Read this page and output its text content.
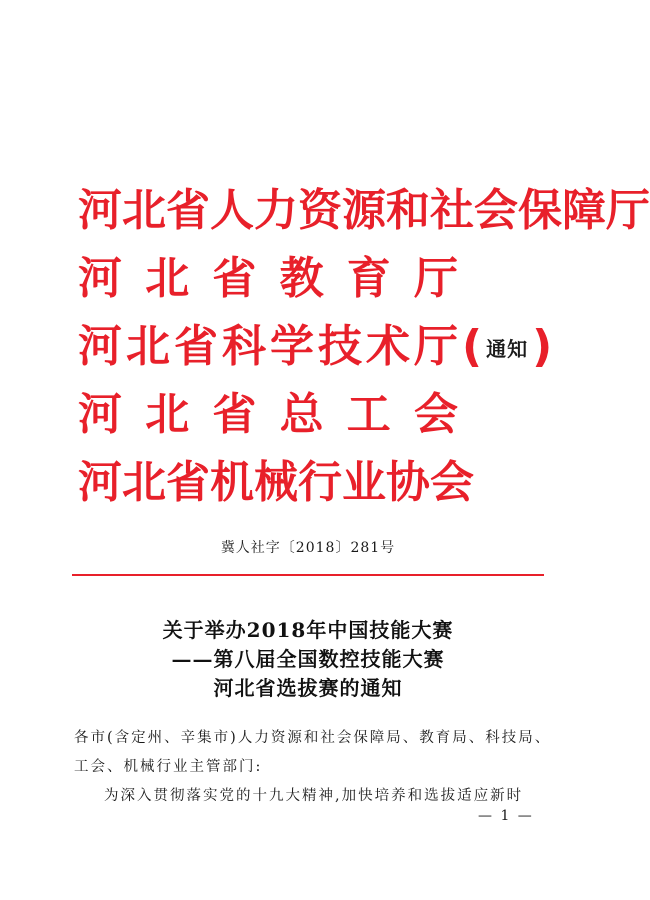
河 北 省 人 力 资 源 和 社 会 保 障 厅
河 北 省 教 育 厅
河 北 省 科 学 技 术 厅
河 北 省 总 工 会
河 北 省 机 械 行 业 协 会
( 通知 )
冀人社字〔2018〕281号
关于举办2018年中国技能大赛
——第八届全国数控技能大赛
河北省选拔赛的通知
各市(含定州、辛集市)人力资源和社会保障局、教育局、科技局、
工会、机械行业主管部门:
为深入贯彻落实党的十九大精神,加快培养和选拔适应新时
— 1 —
